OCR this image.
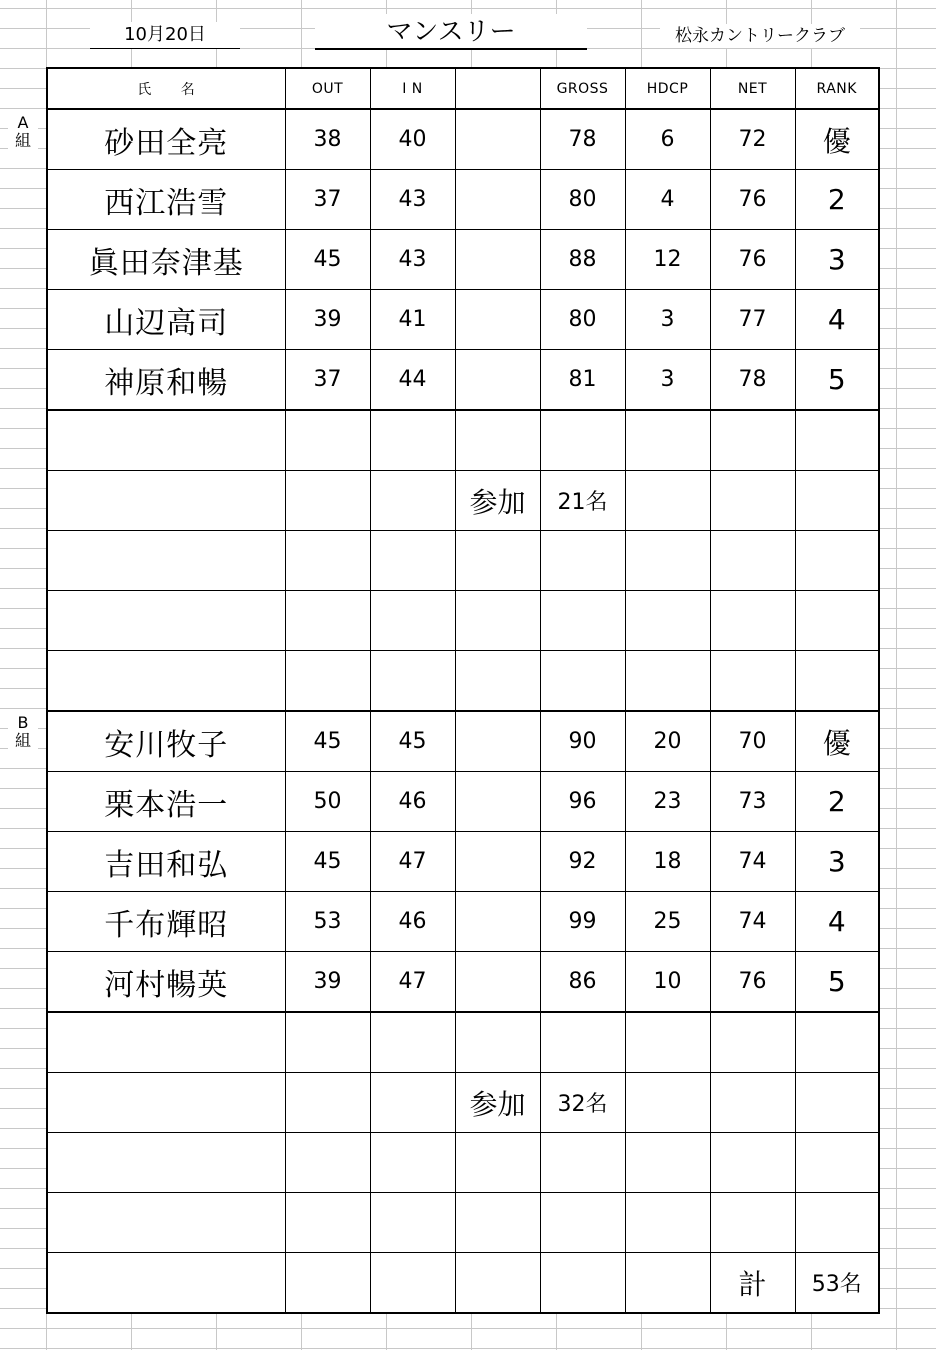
10月20日	マンスリー	松永カントリークラブ
A
組
B
組
氏　　名	OUT	I N		GROSS	HDCP	NET	RANK
砂田全亮	38	40		78	6	72	優
西江浩雪	37	43		80	4	76	2
眞田奈津基	45	43		88	12	76	3
山辺高司	39	41		80	3	77	4
神原和暢	37	44		81	3	78	5

			参加	21名			

安川牧子	45	45		90	20	70	優
栗本浩一	50	46		96	23	73	2
吉田和弘	45	47		92	18	74	3
千布輝昭	53	46		99	25	74	4
河村暢英	39	47		86	10	76	5

			参加	32名			

						計	53名
